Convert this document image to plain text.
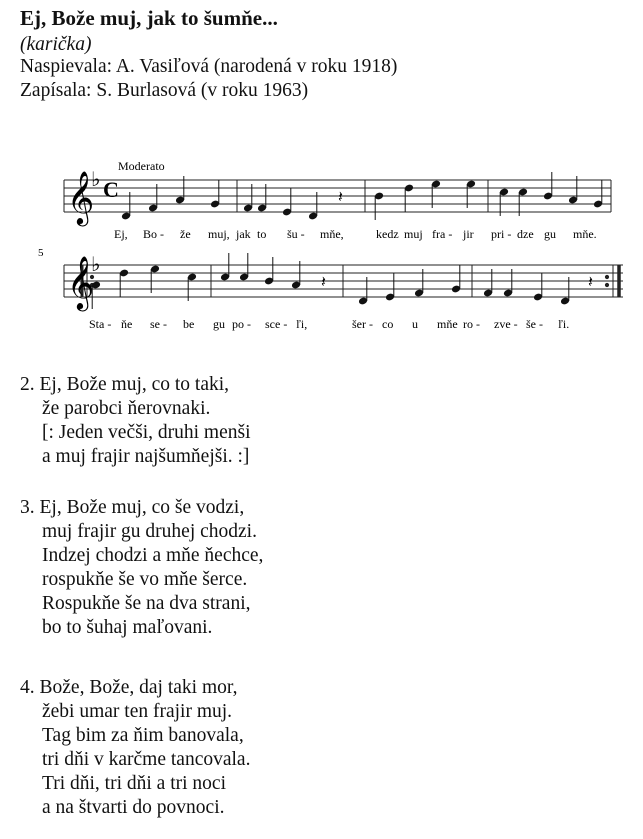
Ej, Bože muj, jak to šumňe...
(karička)
Naspievala: A. Vasiľová (narodená v roku 1918)
Zapísala: S. Burlasová (v roku 1963)
𝄽
𝄽	𝄽
𝄞
𝄞
♭
♭
C
Moderato
5
Ej, Bo - že muj, jak to šu - mňe,	kedz muj fra - jir pri - dze gu mňe.
Sta - ňe se - be gu po - sce - ľi,	šer - co u mňe ro - zve - še - ľi.
2. Ej, Bože muj, co to taki,
že parobci ňerovnaki.
[: Jeden večši, druhi menši
a muj frajir najšumňejši. :]
3. Ej, Bože muj, co še vodzi,
muj frajir gu druhej chodzi.
Indzej chodzi a mňe ňechce,
rospukňe še vo mňe šerce.
Rospukňe še na dva strani,
bo to šuhaj maľovani.
4. Bože, Bože, daj taki mor,
žebi umar ten frajir muj.
Tag bim za ňim banovala,
tri dňi v karčme tancovala.
Tri dňi, tri dňi a tri noci
a na štvarti do povnoci.
